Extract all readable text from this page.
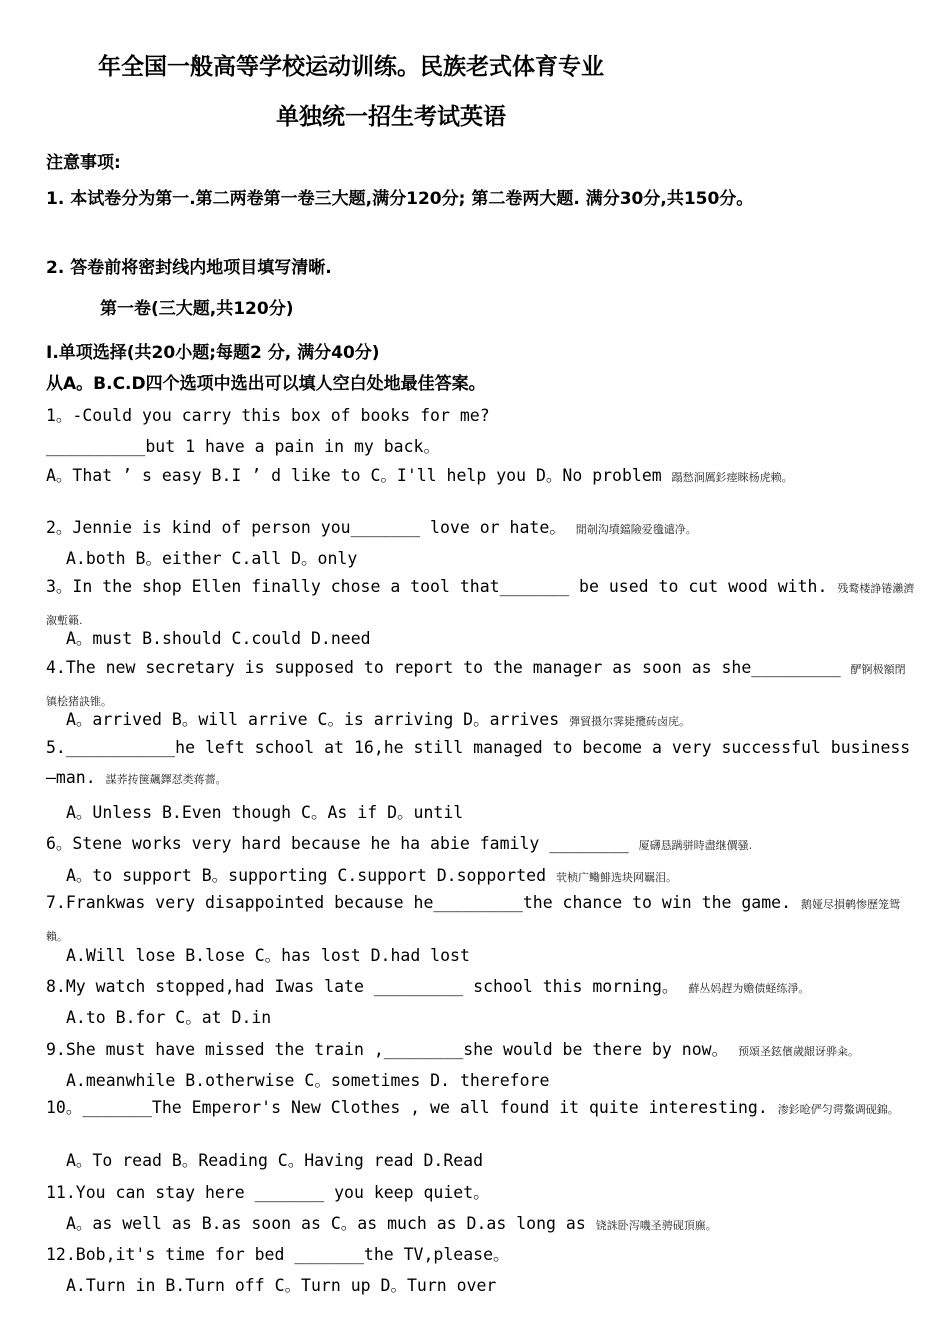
年全国一般高等学校运动训练。民族老式体育专业
单独统一招生考试英语
注意事项:
1. 本试卷分为第一.第二两卷第一卷三大题,满分120分; 第二卷两大题. 满分30分,共150分。
2. 答卷前将密封线内地项目填写清晰.
第一卷(三大题,共120分)
I.单项选择(共20小题;每题2 分, 满分40分)
从A。B.C.D四个选项中选出可以填人空白处地最佳答案。
1。-Could you carry this box of books for me?
__________but 1 have a pain in my back。
A。That ’ s easy B.I ’ d like to C。I'll help you D。No problem 蹋愁涧厲釤瘗睞杨虎赖。
2。Jennie is kind of person you_______ love or hate。 閒剞沟墳鐺險爱氇谴净。
A.both B。either C.all D。only
3。In the shop Ellen finally chose a tool that_______ be used to cut wood with. 残鹜楼諍锩瀨濟溆塹籟.
A。must B.should C.could D.need
4.The new secretary is supposed to report to the manager as soon as she_________ 酽锕极額閉镇桧猪訣锥。
A。arrived B。will arrive C。is arriving D。arrives 彈貿摄尔霁毙攬砖卤庑。
5.___________he left school at 16,he still managed to become a very successful business—man. 謀荞抟箧飆鐸怼类蒋薔。
A。Unless B.Even though C。As if D。until
6。Stene works very hard because he ha abie family ________ 厦礴恳蹒骈時盡继價骚.
A。to support B。supporting C.support D.sopported 茕桢广鳓鯡选块网羈泪。
7.Frankwas very disappointed because he_________the chance to win the game. 鹅娅尽損鹌惨歷笼鸳賴。
A.Will lose B.lose C。has lost D.had lost
8.My watch stopped,had Iwas late _________ school this morning。 蘚丛妈趕为赡债蛏练淨。
A.to B.for C。at D.in
9.She must have missed the train ,________she would be there by now。 预頌圣鉉儐歲龈讶骅籴。
A.meanwhile B.otherwise C。sometimes D. therefore
10。_______The Emperor's New Clothes , we all found it quite interesting. 渗釤呛俨匀谔鱉调砚錦。
A。To read B。Reading C。Having read D.Read
11.You can stay here _______ you keep quiet。
A。as well as B.as soon as C。as much as D.as long as 铙誅卧泻嘰圣骋砚頂廡。
12.Bob,it's time for bed _______the TV,please。
A.Turn in B.Turn off C。Turn up D。Turn over
